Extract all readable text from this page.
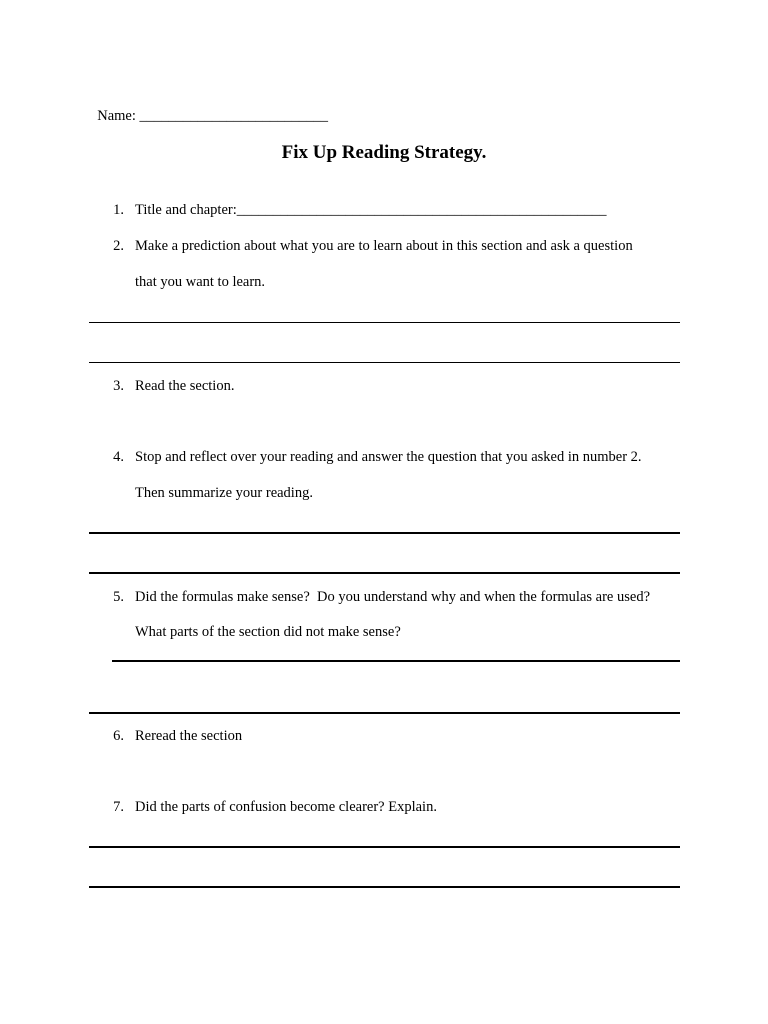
Name: __________________________

Fix Up Reading Strategy.
1. Title and chapter:___________________________________________________
2. Make a prediction about what you are to learn about in this section and ask a question
that you want to learn.
3. Read the section.
4. Stop and reflect over your reading and answer the question that you asked in number 2.
Then summarize your reading.
5. Did the formulas make sense?  Do you understand why and when the formulas are used?
What parts of the section did not make sense?
6. Reread the section
7. Did the parts of confusion become clearer? Explain.
